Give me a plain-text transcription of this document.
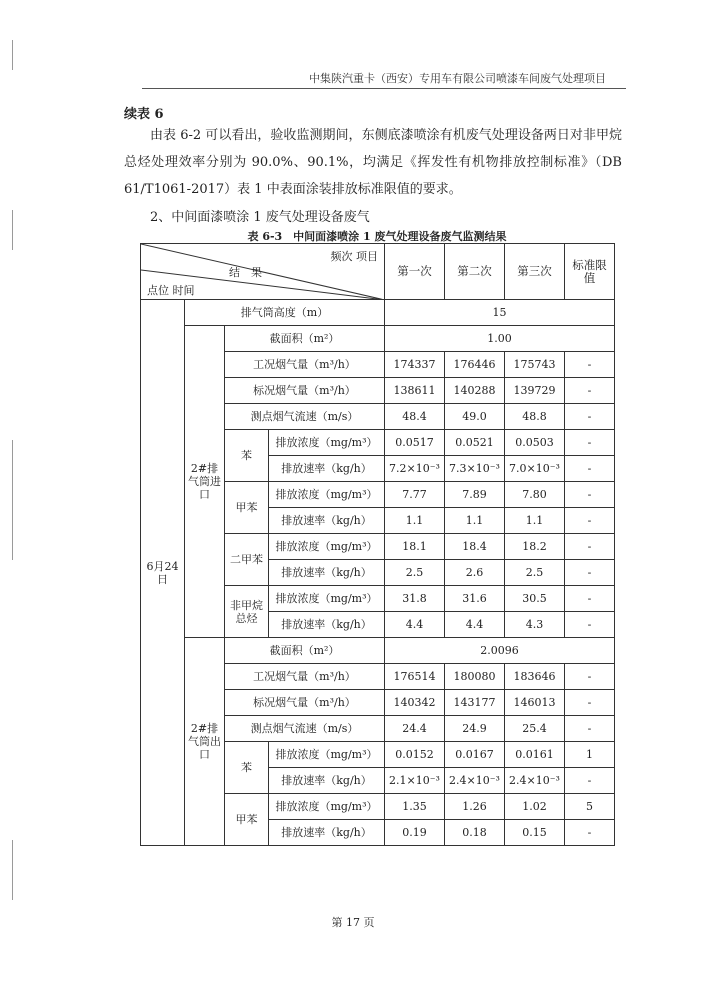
中集陕汽重卡（西安）专用车有限公司喷漆车间废气处理项目
续表 6
由表 6-2 可以看出，验收监测期间，东侧底漆喷涂有机废气处理设备两日对非甲烷总烃处理效率分别为 90.0%、90.1%，均满足《挥发性有机物排放控制标准》（DB 61/T1061-2017）表 1 中表面涂装排放标准限值的要求。
2、中间面漆喷涂 1 废气处理设备废气
表 6-3　中间面漆喷涂 1 废气处理设备废气监测结果
频次 项目
结　果
点位 时间				第一次	第二次	第三次	标准限值
6月24日	排气筒高度（m）			15			
	2#排气筒进口	截面积（m²）		1.00			
		工况烟气量（m³/h）		174337	176446	175743	-
		标况烟气量（m³/h）		138611	140288	139729	-
		测点烟气流速（m/s）		48.4	49.0	48.8	-
		苯	排放浓度（mg/m³）	0.0517	0.0521	0.0503	-
			排放速率（kg/h）	7.2×10⁻³	7.3×10⁻³	7.0×10⁻³	-
		甲苯	排放浓度（mg/m³）	7.77	7.89	7.80	-
			排放速率（kg/h）	1.1	1.1	1.1	-
		二甲苯	排放浓度（mg/m³）	18.1	18.4	18.2	-
			排放速率（kg/h）	2.5	2.6	2.5	-
		非甲烷总烃	排放浓度（mg/m³）	31.8	31.6	30.5	-
			排放速率（kg/h）	4.4	4.4	4.3	-
	2#排气筒出口	截面积（m²）		2.0096			
		工况烟气量（m³/h）		176514	180080	183646	-
		标况烟气量（m³/h）		140342	143177	146013	-
		测点烟气流速（m/s）		24.4	24.9	25.4	-
		苯	排放浓度（mg/m³）	0.0152	0.0167	0.0161	1
			排放速率（kg/h）	2.1×10⁻³	2.4×10⁻³	2.4×10⁻³	-
		甲苯	排放浓度（mg/m³）	1.35	1.26	1.02	5
			排放速率（kg/h）	0.19	0.18	0.15	-
第 17 页
